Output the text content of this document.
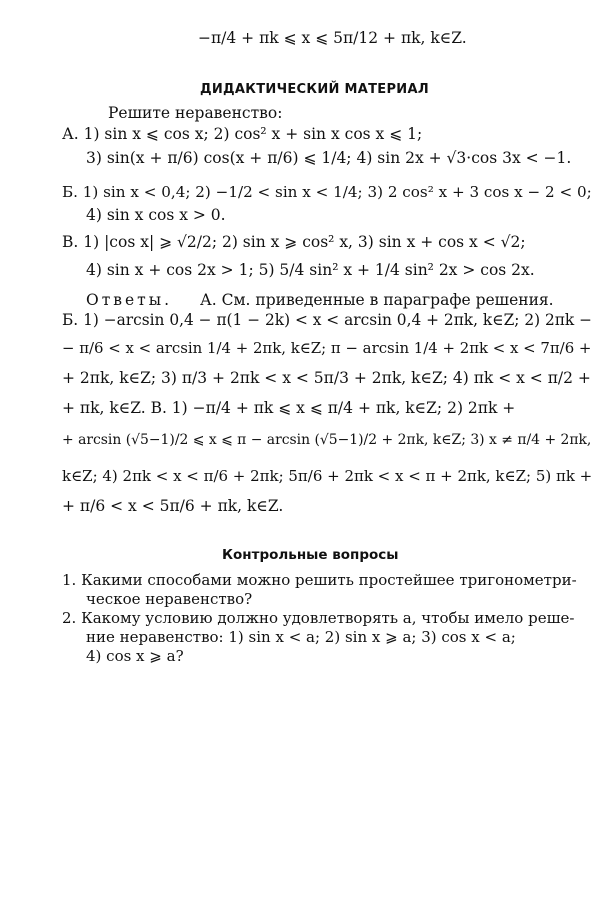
−π/4 + πk ⩽ x ⩽ 5π/12 + πk, k∈Z.
ДИДАКТИЧЕСКИЙ МАТЕРИАЛ
Решите неравенство:
А. 1) sin x ⩽ cos x; 2) cos² x + sin x cos x ⩽ 1;
3) sin(x + π/6) cos(x + π/6) ⩽ 1/4; 4) sin 2x + √3·cos 3x < −1.
Б. 1) sin x < 0,4; 2) −1/2 < sin x < 1/4; 3) 2 cos² x + 3 cos x − 2 < 0;
4) sin x cos x > 0.
В. 1) |cos x| ⩾ √2/2; 2) sin x ⩾ cos² x, 3) sin x + cos x < √2;
4) sin x + cos 2x > 1; 5) 5/4 sin² x + 1/4 sin² 2x > cos 2x.
Ответы. А. См. приведенные в параграфе решения.
Б. 1) −arcsin 0,4 − π(1 − 2k) < x < arcsin 0,4 + 2πk, k∈Z; 2) 2πk −
− π/6 < x < arcsin 1/4 + 2πk, k∈Z; π − arcsin 1/4 + 2πk < x < 7π/6 +
+ 2πk, k∈Z; 3) π/3 + 2πk < x < 5π/3 + 2πk, k∈Z; 4) πk < x < π/2 +
+ πk, k∈Z. В. 1) −π/4 + πk ⩽ x ⩽ π/4 + πk, k∈Z; 2) 2πk +
+ arcsin (√5−1)/2 ⩽ x ⩽ π − arcsin (√5−1)/2 + 2πk, k∈Z; 3) x ≠ π/4 + 2πk,
k∈Z; 4) 2πk < x < π/6 + 2πk; 5π/6 + 2πk < x < π + 2πk, k∈Z; 5) πk +
+ π/6 < x < 5π/6 + πk, k∈Z.
Контрольные вопросы
1. Какими способами можно решить простейшее тригонометри-
ческое неравенство?
2. Какому условию должно удовлетворять a, чтобы имело реше-
ние неравенство: 1) sin x < a; 2) sin x ⩾ a; 3) cos x < a;
4) cos x ⩾ a?
